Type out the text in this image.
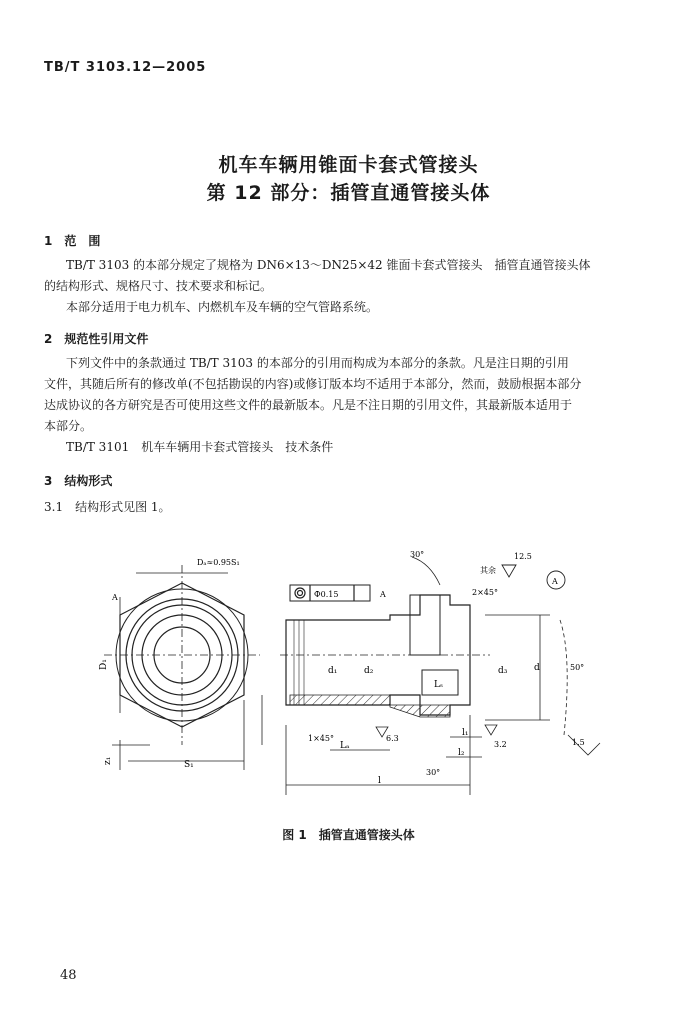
TB/T 3103.12—2005
机车车辆用锥面卡套式管接头
第 12 部分：插管直通管接头体
1　范　围
TB/T 3103 的本部分规定了规格为 DN6×13～DN25×42 锥面卡套式管接头　插管直通管接头体
的结构形式、规格尺寸、技术要求和标记。
本部分适用于电力机车、内燃机车及车辆的空气管路系统。
2　规范性引用文件
下列文件中的条款通过 TB/T 3103 的本部分的引用而构成为本部分的条款。凡是注日期的引用
文件，其随后所有的修改单(不包括勘误的内容)或修订版本均不适用于本部分，然而，鼓励根据本部分
达成协议的各方研究是否可使用这些文件的最新版本。凡是不注日期的引用文件，其最新版本适用于
本部分。
TB/T 3101　机车车辆用卡套式管接头　技术条件
3　结构形式
3.1　结构形式见图 1。
Dₐ≈0.95S₁
A
D₁
S₁
z₁
A
Ф0.15
30°
2×45°
其余
12.5
A
d₁	d₂	d
d₃
Lₛ
1×45°	6.3
Lₐ
l₁
l₂
l
3.2
30°
50°
1.5
图 1　插管直通管接头体
48
